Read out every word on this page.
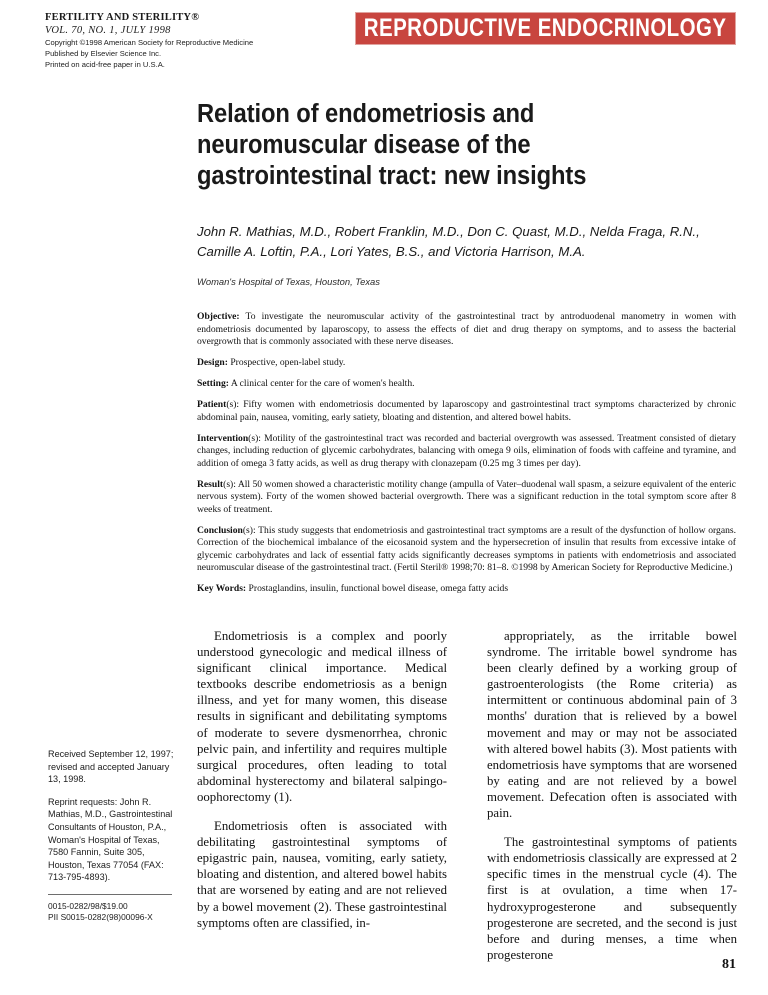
FERTILITY AND STERILITY®
VOL. 70, NO. 1, JULY 1998
Copyright ©1998 American Society for Reproductive Medicine
Published by Elsevier Science Inc.
Printed on acid-free paper in U.S.A.
REPRODUCTIVE ENDOCRINOLOGY
Relation of endometriosis and
neuromuscular disease of the
gastrointestinal tract: new insights
John R. Mathias, M.D., Robert Franklin, M.D., Don C. Quast, M.D., Nelda Fraga, R.N.,
Camille A. Loftin, P.A., Lori Yates, B.S., and Victoria Harrison, M.A.
Woman's Hospital of Texas, Houston, Texas

Objective: To investigate the neuromuscular activity of the gastrointestinal tract by antroduodenal manometry in women with endometriosis documented by laparoscopy, to assess the effects of diet and drug therapy on symptoms, and to assess the bacterial overgrowth that is commonly associated with these nerve diseases.

Design: Prospective, open-label study.

Setting: A clinical center for the care of women's health.

Patient(s): Fifty women with endometriosis documented by laparoscopy and gastrointestinal tract symptoms characterized by chronic abdominal pain, nausea, vomiting, early satiety, bloating and distention, and altered bowel habits.

Intervention(s): Motility of the gastrointestinal tract was recorded and bacterial overgrowth was assessed. Treatment consisted of dietary changes, including reduction of glycemic carbohydrates, balancing with omega 9 oils, elimination of foods with caffeine and tyramine, and addition of omega 3 fatty acids, as well as drug therapy with clonazepam (0.25 mg 3 times per day).

Result(s): All 50 women showed a characteristic motility change (ampulla of Vater–duodenal wall spasm, a seizure equivalent of the enteric nervous system). Forty of the women showed bacterial overgrowth. There was a significant reduction in the total symptom score after 8 weeks of treatment.

Conclusion(s): This study suggests that endometriosis and gastrointestinal tract symptoms are a result of the dysfunction of hollow organs. Correction of the biochemical imbalance of the eicosanoid system and the hypersecretion of insulin that results from excessive intake of glycemic carbohydrates and lack of essential fatty acids significantly decreases symptoms in patients with endometriosis and associated neuromuscular disease of the gastrointestinal tract. (Fertil Steril® 1998;70: 81–8. ©1998 by American Society for Reproductive Medicine.)

Key Words: Prostaglandins, insulin, functional bowel disease, omega fatty acids

Received September 12, 1997; revised and accepted January 13, 1998.

Reprint requests: John R. Mathias, M.D., Gastrointestinal Consultants of Houston, P.A., Woman's Hospital of Texas, 7580 Fannin, Suite 305, Houston, Texas 77054 (FAX: 713-795-4893).

0015-0282/98/$19.00

PII S0015-0282(98)00096-X

Endometriosis is a complex and poorly understood gynecologic and medical illness of significant clinical importance. Medical textbooks describe endometriosis as a benign illness, and yet for many women, this disease results in significant and debilitating symptoms of moderate to severe dysmenorrhea, chronic pelvic pain, and infertility and requires multiple surgical procedures, often leading to total abdominal hysterectomy and bilateral salpingo-oophorectomy (1).

Endometriosis often is associated with debilitating gastrointestinal symptoms of epigastric pain, nausea, vomiting, early satiety, bloating and distention, and altered bowel habits that are worsened by eating and are not relieved by a bowel movement (2). These gastrointestinal symptoms often are classified, in-

appropriately, as the irritable bowel syndrome. The irritable bowel syndrome has been clearly defined by a working group of gastroenterologists (the Rome criteria) as intermittent or continuous abdominal pain of 3 months' duration that is relieved by a bowel movement and may or may not be associated with altered bowel habits (3). Most patients with endometriosis have symptoms that are worsened by eating and are not relieved by a bowel movement. Defecation often is associated with pain.

The gastrointestinal symptoms of patients with endometriosis classically are expressed at 2 specific times in the menstrual cycle (4). The first is at ovulation, a time when 17-hydroxyprogesterone and subsequently progesterone are secreted, and the second is just before and during menses, a time when progesterone

81
